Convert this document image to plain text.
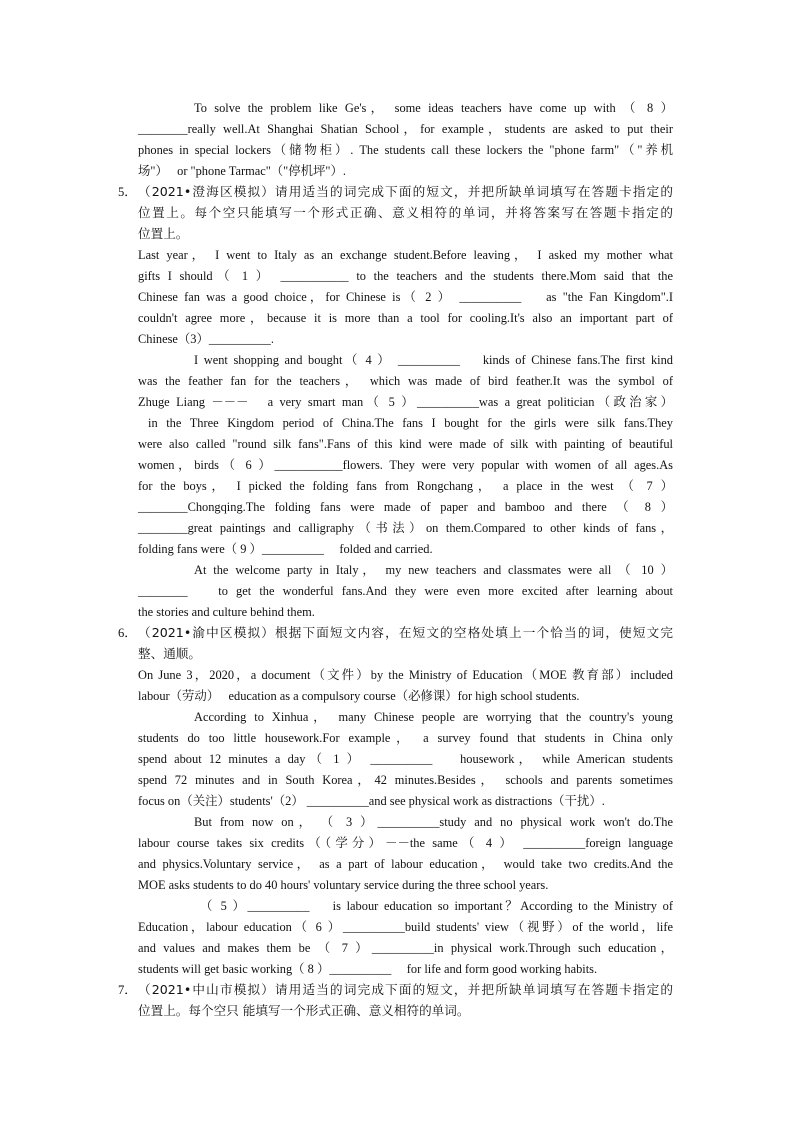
To solve the problem like Ge's， some ideas teachers have come up with （ 8 ）
________really well.At Shanghai Shatian School，for example，students are asked to put their
phones in special lockers（储物柜）. The students call these lockers the "phone farm"（"养机
场"）　 or "phone Tarmac"（"停机坪"）.
5． （2021•澄海区模拟）请用适当的词完成下面的短文，并把所缺单词填写在答题卡指定的
位置上。每个空只能填写一个形式正确、意义相符的单词，并将答案写在答题卡指定的
位置上。
Last year， I went to Italy as an exchange student.Before leaving， I asked my mother what
gifts I should（ 1 ） ___________ to the teachers and the students there.Mom said that the
Chinese fan was a good choice，for Chinese is（ 2 ） __________　 as "the Fan Kingdom".I
couldn't agree more，because it is more than a tool for cooling.It's also an important part of
Chinese（3）__________.
I went shopping and bought（ 4 ） __________　 kinds of Chinese fans.The first kind
was the feather fan for the teachers， which was made of bird feather.It was the symbol of
Zhuge Liang －－－　a very smart man（ 5 ）__________was a great politician（政治家）
in the Three Kingdom period of China.The fans I bought for the girls were silk fans.They
were also called "round silk fans".Fans of this kind were made of silk with painting of beautiful
women，birds（ 6 ）___________flowers. They were very popular with women of all ages.As
for the boys， I picked the folding fans from Rongchang， a place in the west （ 7 ）
________Chongqing.The folding fans were made of paper and bamboo and there （ 8 ）
________great paintings and calligraphy（书法）on them.Compared to other kinds of fans，
folding fans were（ 9 ）__________　 folded and carried.
At the welcome party in Italy， my new teachers and classmates were all （ 10 ）
________　 to get the wonderful fans.And they were even more excited after learning about
the stories and culture behind them.
6． （2021•渝中区模拟）根据下面短文内容，在短文的空格处填上一个恰当的词，使短文完
整、通顺。
On June 3，2020，a document（文件）by the Ministry of Education（MOE 教育部）included
labour（劳动）　 education as a compulsory course（必修课）for high school students.
According to Xinhua， many Chinese people are worrying that the country's young
students do too little housework.For example， a survey found that students in China only
spend about 12 minutes a day（ 1 ） __________　 housework， while American students
spend 72 minutes and in South Korea，42 minutes.Besides， schools and parents sometimes
focus on（关注）students'（2） __________and see physical work as distractions（干扰）.
But from now on，　（ 3 ）__________study and no physical work won't do.The
labour course takes six credits（（学分）－－the same（ 4 ） __________foreign language
and physics.Voluntary service， as a part of labour education， would take two credits.And the
MOE asks students to do 40 hours' voluntary service during the three school years.
（ 5 ）__________　 is labour education so important？According to the Ministry of
Education，labour education（ 6 ）__________build students' view（视野）of the world，life
and values and makes them be （ 7 ）__________in physical work.Through such education，
students will get basic working（ 8 ）__________　 for life and form good working habits.
7． （2021•中山市模拟）请用适当的词完成下面的短文，并把所缺单词填写在答题卡指定的
位置上。每个空只 能填写一个形式正确、意义相符的单词。
